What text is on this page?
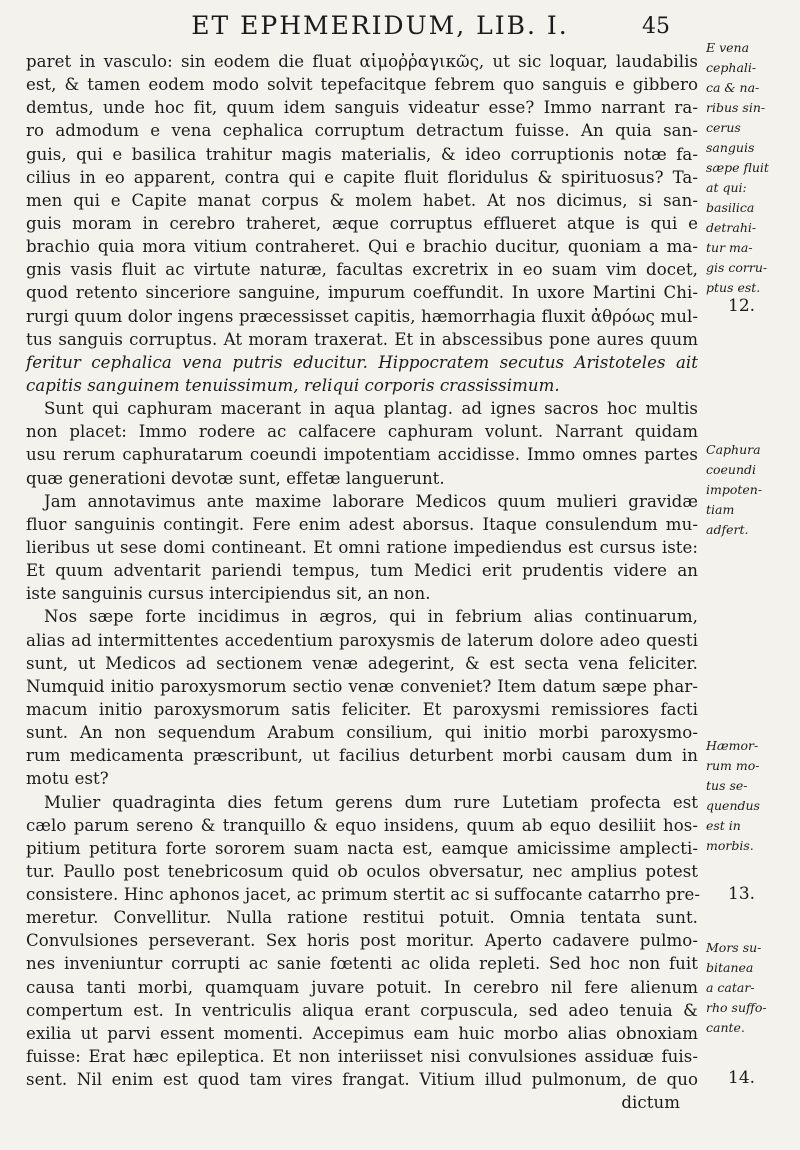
ET EPHMERIDUM, LIB. I.	45
paret in vasculo: sin eodem die fluat αἱμοῤῥαγικῶς, ut sic loquar, laudabilis
est, & tamen eodem modo solvit tepefacitque febrem quo sanguis e gibbero
demtus, unde hoc fit, quum idem sanguis videatur esse? Immo narrant ra-
ro admodum e vena cephalica corruptum detractum fuisse. An quia san-
guis, qui e basilica trahitur magis materialis, & ideo corruptionis notæ fa-
cilius in eo apparent, contra qui e capite fluit floridulus & spirituosus? Ta-
men qui e Capite manat corpus & molem habet. At nos dicimus, si san-
guis moram in cerebro traheret, æque corruptus efflueret atque is qui e
brachio quia mora vitium contraheret. Qui e brachio ducitur, quoniam a ma-
gnis vasis fluit ac virtute naturæ, facultas excretrix in eo suam vim docet,
quod retento sinceriore sanguine, impurum coeffundit. In uxore Martini Chi-
rurgi quum dolor ingens præcessisset capitis, hæmorrhagia fluxit ἀθρόως mul-
tus sanguis corruptus. At moram traxerat. Et in abscessibus pone aures quum
feritur cephalica vena putris educitur. Hippocratem secutus Aristoteles ait
capitis sanguinem tenuissimum, reliqui corporis crassissimum.
Sunt qui caphuram macerant in aqua plantag. ad ignes sacros hoc multis
non placet: Immo rodere ac calfacere caphuram volunt. Narrant quidam
usu rerum caphuratarum coeundi impotentiam accidisse. Immo omnes partes
quæ generationi devotæ sunt, effetæ languerunt.
Jam annotavimus ante maxime laborare Medicos quum mulieri gravidæ
fluor sanguinis contingit. Fere enim adest aborsus. Itaque consulendum mu-
lieribus ut sese domi contineant. Et omni ratione impediendus est cursus iste:
Et quum adventarit pariendi tempus, tum Medici erit prudentis videre an
iste sanguinis cursus intercipiendus sit, an non.
Nos sæpe forte incidimus in ægros, qui in febrium alias continuarum,
alias ad intermittentes accedentium paroxysmis de laterum dolore adeo questi
sunt, ut Medicos ad sectionem venæ adegerint, & est secta vena feliciter.
Numquid initio paroxysmorum sectio venæ conveniet? Item datum sæpe phar-
macum initio paroxysmorum satis feliciter. Et paroxysmi remissiores facti
sunt. An non sequendum Arabum consilium, qui initio morbi paroxysmo-
rum medicamenta præscribunt, ut facilius deturbent morbi causam dum in
motu est?
Mulier quadraginta dies fetum gerens dum rure Lutetiam profecta est
cælo parum sereno & tranquillo & equo insidens, quum ab equo desiliit hos-
pitium petitura forte sororem suam nacta est, eamque amicissime amplecti-
tur. Paullo post tenebricosum quid ob oculos obversatur, nec amplius potest
consistere. Hinc aphonos jacet, ac primum stertit ac si suffocante catarrho pre-
meretur. Convellitur. Nulla ratione restitui potuit. Omnia tentata sunt.
Convulsiones perseverant. Sex horis post moritur. Aperto cadavere pulmo-
nes inveniuntur corrupti ac sanie fœtenti ac olida repleti. Sed hoc non fuit
causa tanti morbi, quamquam juvare potuit. In cerebro nil fere alienum
compertum est. In ventriculis aliqua erant corpuscula, sed adeo tenuia &
exilia ut parvi essent momenti. Accepimus eam huic morbo alias obnoxiam
fuisse: Erat hæc epileptica. Et non interiisset nisi convulsiones assiduæ fuis-
sent. Nil enim est quod tam vires frangat. Vitium illud pulmonum, de quo
dictum
E vena
cephali-
ca & na-
ribus sin-
cerus
sanguis
sæpe fluit
at qui:
basilica
detrahi-
tur ma-
gis corru-
ptus est.
12.
Caphura
coeundi
impoten-
tiam
adfert.
Hæmor-
rum mo-
tus se-
quendus
est in
morbis.
13.
Mors su-
bitanea
a catar-
rho suffo-
cante.
14.
